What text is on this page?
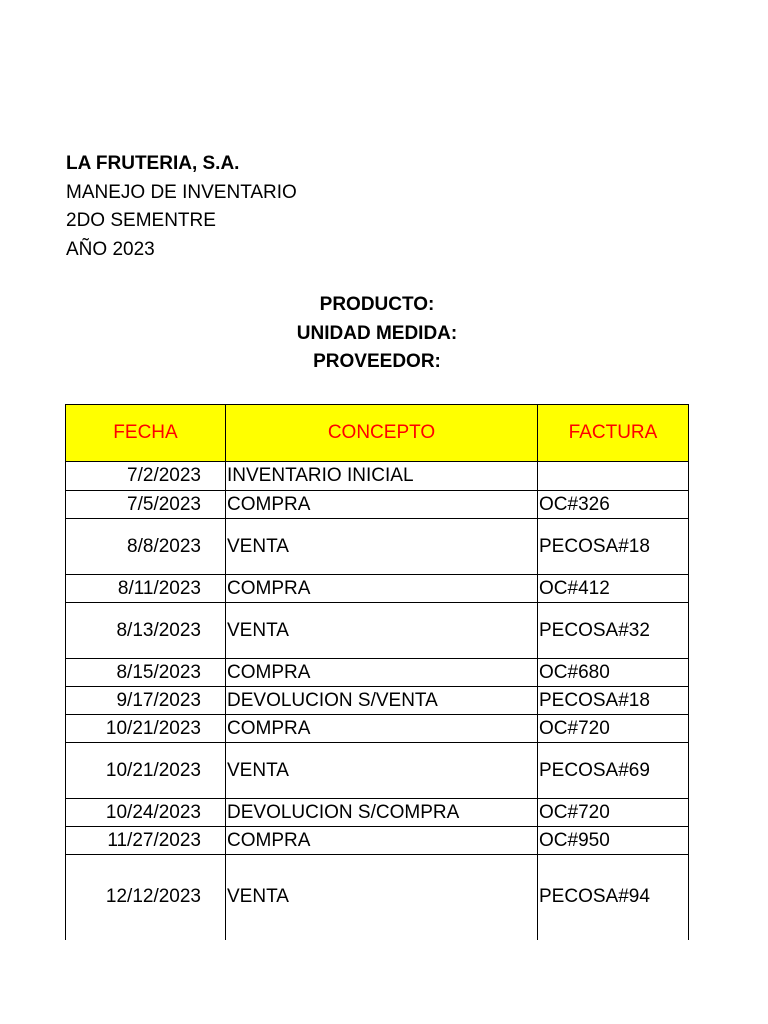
LA FRUTERIA, S.A.
MANEJO DE INVENTARIO
2DO SEMENTRE
AÑO 2023
PRODUCTO:
UNIDAD MEDIDA:
PROVEEDOR:
FECHA	CONCEPTO	FACTURA
7/2/2023	INVENTARIO INICIAL	
7/5/2023	COMPRA	OC#326
8/8/2023	VENTA	PECOSA#18
8/11/2023	COMPRA	OC#412
8/13/2023	VENTA	PECOSA#32
8/15/2023	COMPRA	OC#680
9/17/2023	DEVOLUCION S/VENTA	PECOSA#18
10/21/2023	COMPRA	OC#720
10/21/2023	VENTA	PECOSA#69
10/24/2023	DEVOLUCION S/COMPRA	OC#720
11/27/2023	COMPRA	OC#950
12/12/2023	VENTA	PECOSA#94
